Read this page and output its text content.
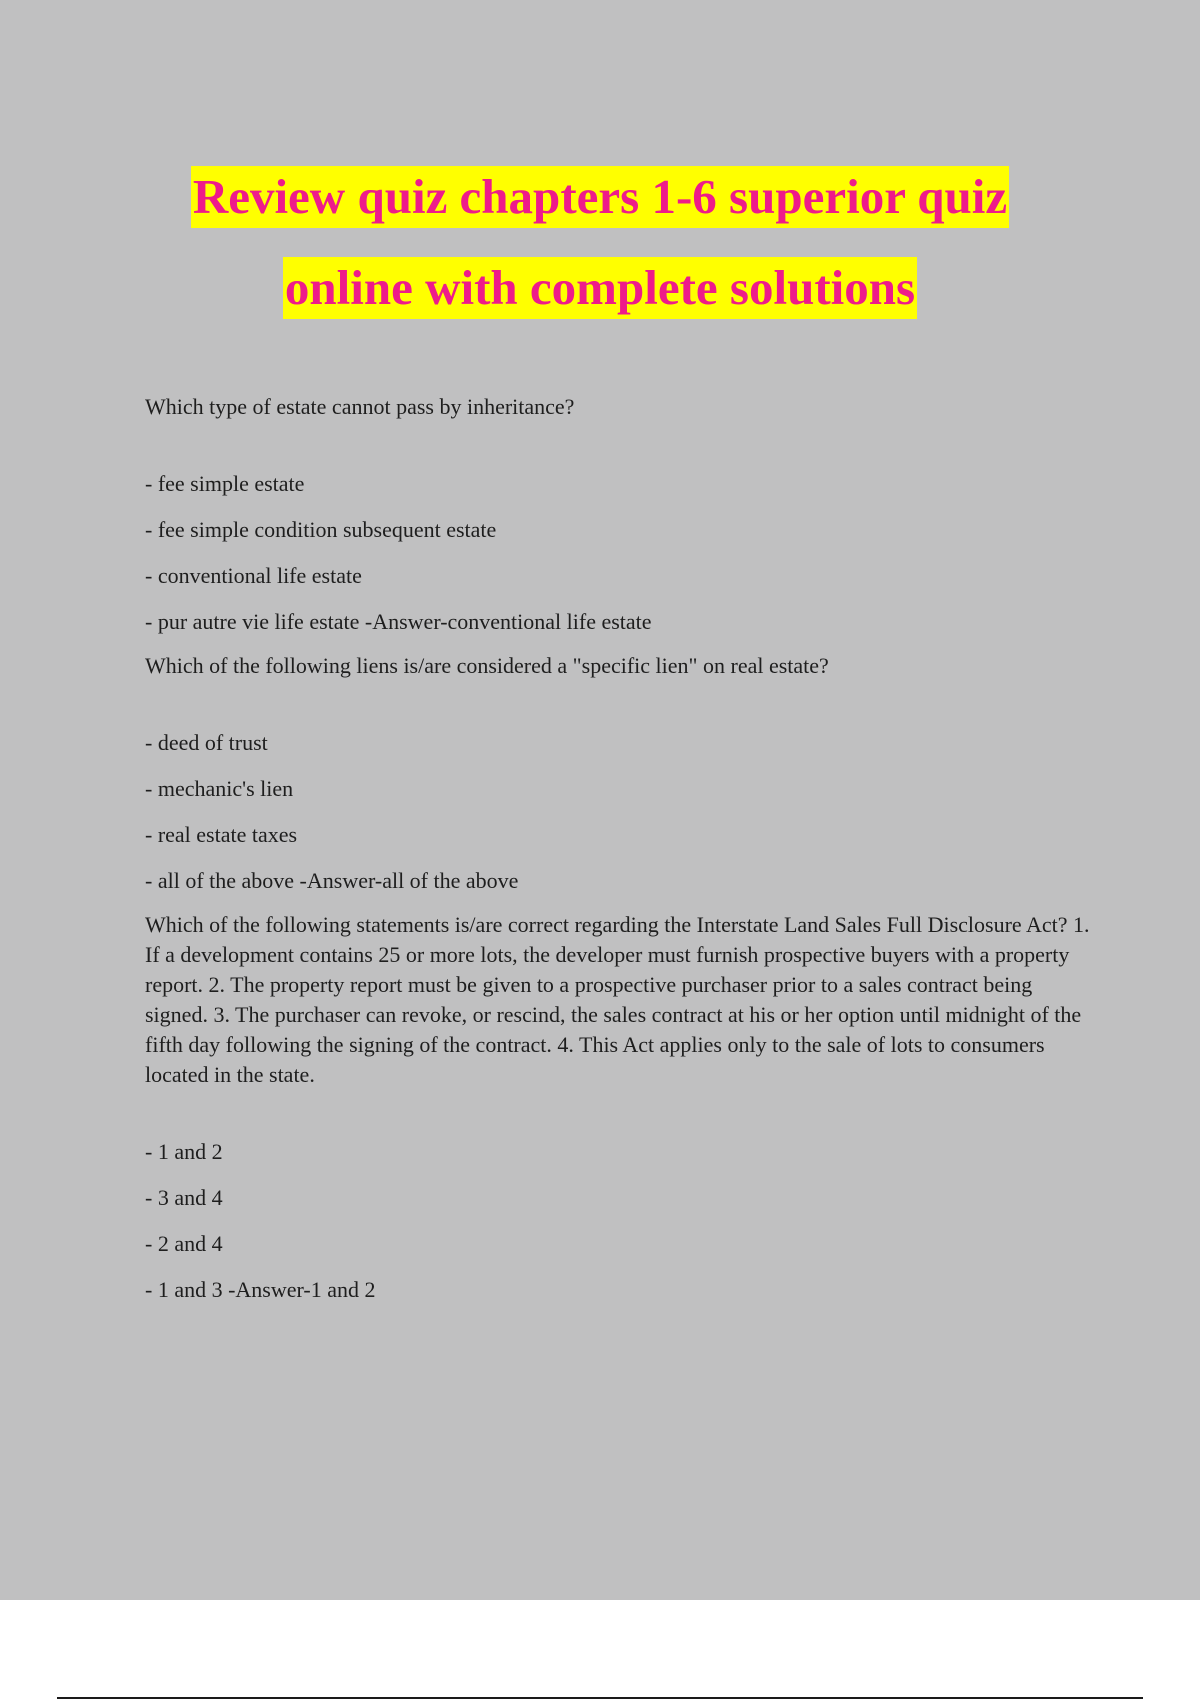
Review quiz chapters 1-6 superior quiz
online with complete solutions

Which type of estate cannot pass by inheritance?

- fee simple estate

- fee simple condition subsequent estate

- conventional life estate

- pur autre vie life estate -Answer-conventional life estate

Which of the following liens is/are considered a "specific lien" on real estate?

- deed of trust

- mechanic's lien

- real estate taxes

- all of the above -Answer-all of the above

Which of the following statements is/are correct regarding the Interstate Land Sales Full Disclosure Act? 1. If a development contains 25 or more lots, the developer must furnish prospective buyers with a property report. 2. The property report must be given to a prospective purchaser prior to a sales contract being signed. 3. The purchaser can revoke, or rescind, the sales contract at his or her option until midnight of the fifth day following the signing of the contract. 4. This Act applies only to the sale of lots to consumers located in the state.

- 1 and 2

- 3 and 4

- 2 and 4

- 1 and 3 -Answer-1 and 2
